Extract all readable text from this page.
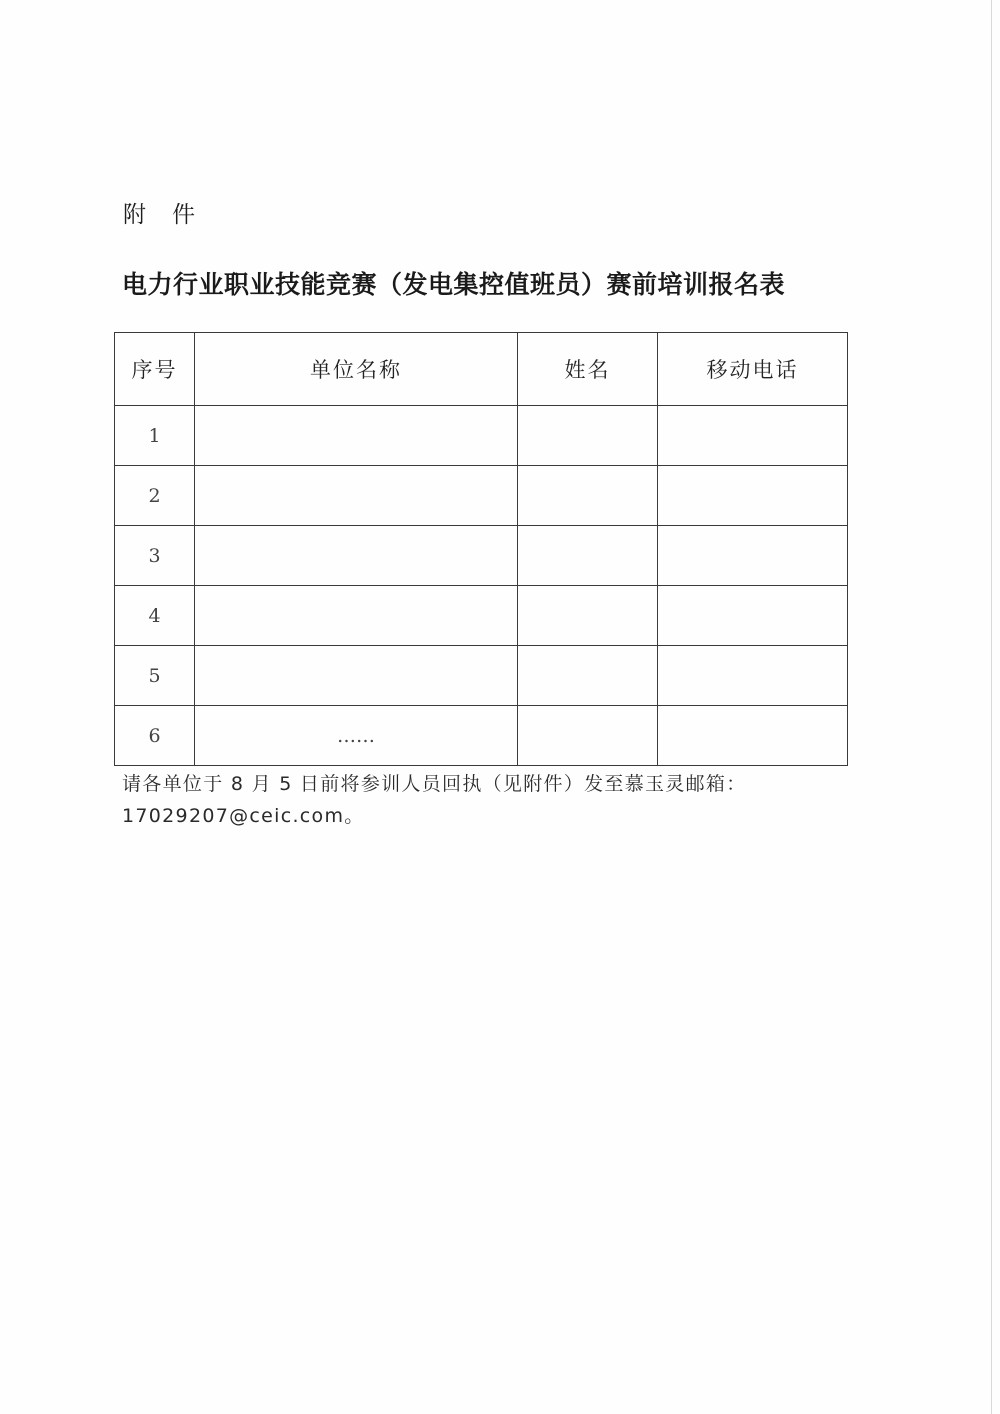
附件
电力行业职业技能竞赛（发电集控值班员）赛前培训报名表
序号	单位名称	姓名	移动电话
1			
2			
3			
4			
5			
6	……		
请各单位于 8 月 5 日前将参训人员回执（见附件）发至慕玉灵邮箱：
17029207@ceic.com。
